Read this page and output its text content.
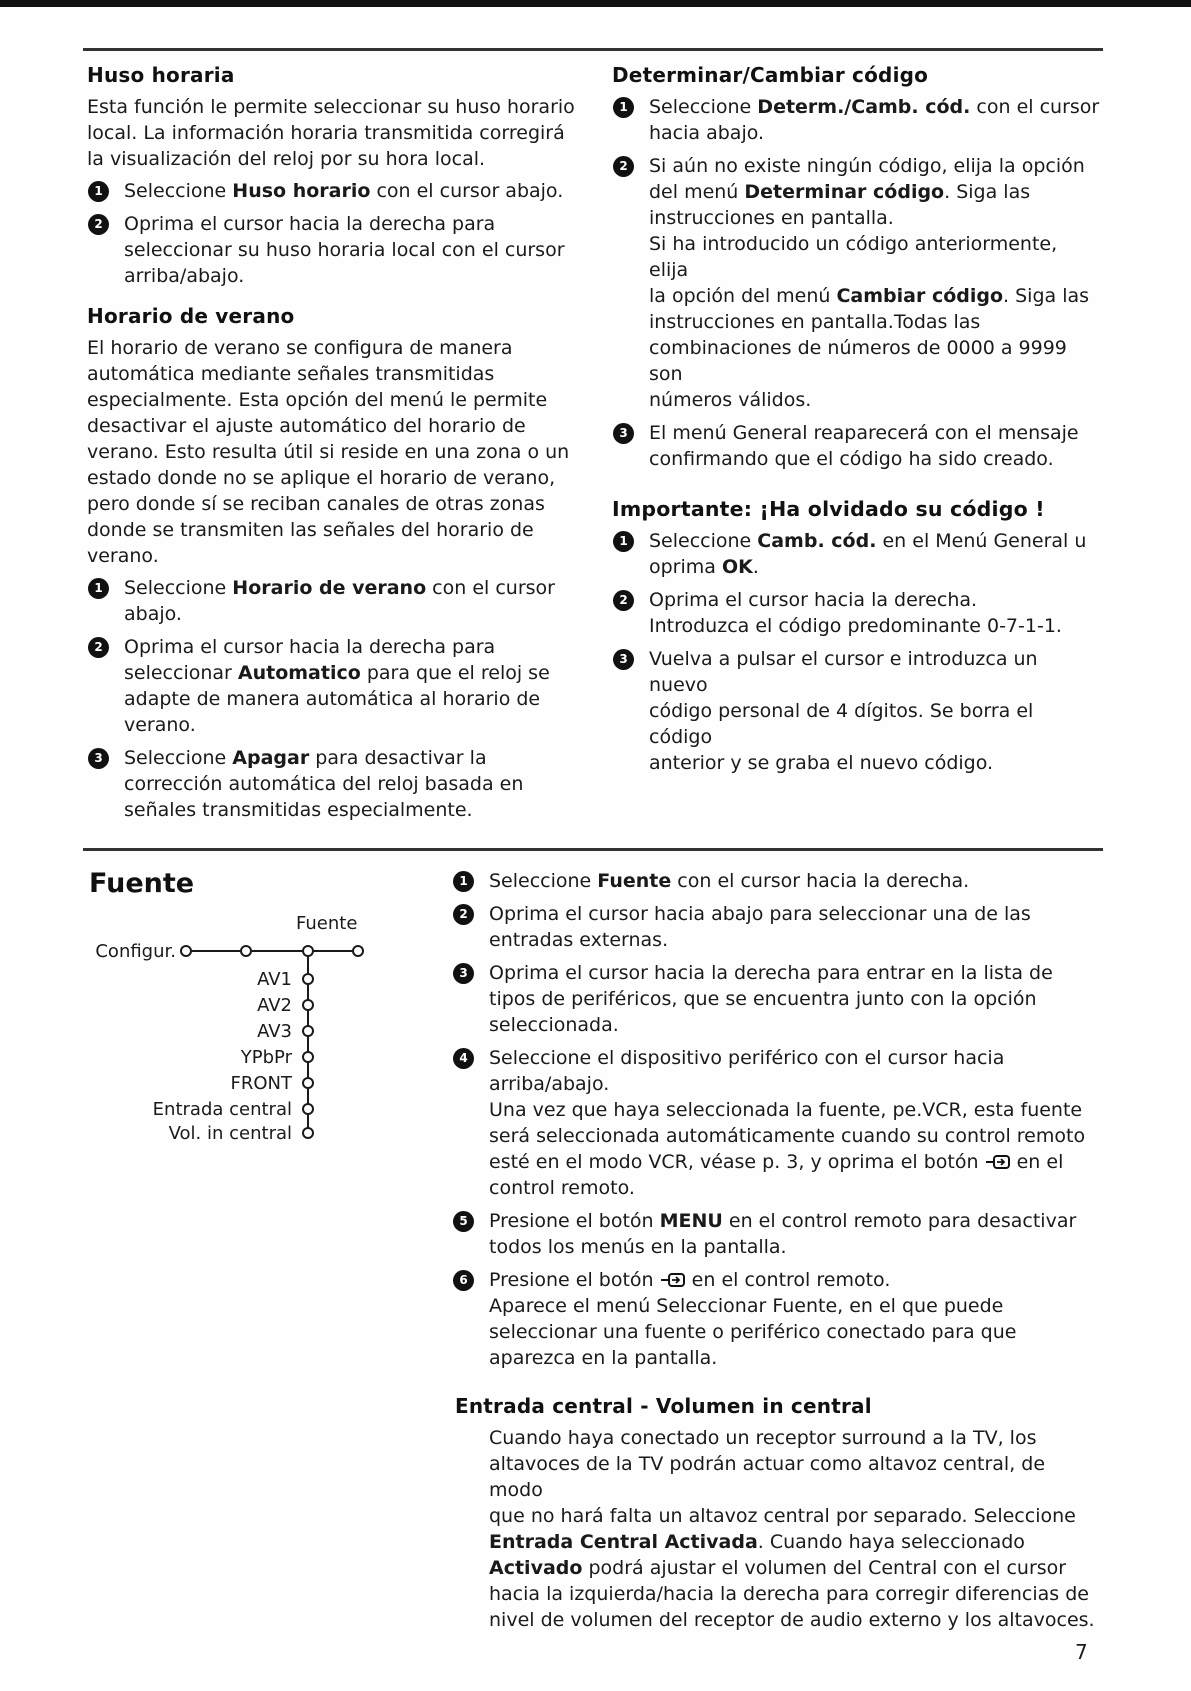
Huso horaria

Esta función le permite seleccionar su huso horario
local. La información horaria transmitida corregirá
la visualización del reloj por su hora local.

1	Seleccione Huso horario con el cursor abajo.
2	Oprima el cursor hacia la derecha para
seleccionar su huso horaria local con el cursor
arriba/abajo.
Horario de verano

El horario de verano se configura de manera
automática mediante señales transmitidas
especialmente. Esta opción del menú le permite
desactivar el ajuste automático del horario de
verano. Esto resulta útil si reside en una zona o un
estado donde no se aplique el horario de verano,
pero donde sí se reciban canales de otras zonas
donde se transmiten las señales del horario de
verano.

1	Seleccione Horario de verano con el cursor
abajo.
2	Oprima el cursor hacia la derecha para
seleccionar Automatico para que el reloj se
adapte de manera automática al horario de
verano.
3	Seleccione Apagar para desactivar la
corrección automática del reloj basada en
señales transmitidas especialmente.
Determinar/Cambiar código
1	Seleccione Determ./Camb. cód. con el cursor
hacia abajo.
2	Si aún no existe ningún código, elija la opción
del menú Determinar código. Siga las
instrucciones en pantalla.
Si ha introducido un código anteriormente, elija
la opción del menú Cambiar código. Siga las
instrucciones en pantalla.Todas las
combinaciones de números de 0000 a 9999 son
números válidos.
3	El menú General reaparecerá con el mensaje
confirmando que el código ha sido creado.
Importante: ¡Ha olvidado su código !
1	Seleccione Camb. cód. en el Menú General u
oprima OK.
2	Oprima el cursor hacia la derecha.
Introduzca el código predominante 0-7-1-1.
3	Vuelva a pulsar el cursor e introduzca un nuevo
código personal de 4 dígitos. Se borra el código
anterior y se graba el nuevo código.
Fuente
Fuente
Configur.
AV1
AV2
AV3
YPbPr
FRONT
Entrada central
Vol. in central
1	Seleccione Fuente con el cursor hacia la derecha.
2	Oprima el cursor hacia abajo para seleccionar una de las
entradas externas.
3	Oprima el cursor hacia la derecha para entrar en la lista de
tipos de periféricos, que se encuentra junto con la opción
seleccionada.
4	Seleccione el dispositivo periférico con el cursor hacia
arriba/abajo.
Una vez que haya seleccionada la fuente, pe.VCR, esta fuente
será seleccionada automáticamente cuando su control remoto
esté en el modo VCR, véase p. 3, y oprima el botón  en el
control remoto.
5	Presione el botón MENU en el control remoto para desactivar
todos los menús en la pantalla.
6	Presione el botón  en el control remoto.
Aparece el menú Seleccionar Fuente, en el que puede
seleccionar una fuente o periférico conectado para que
aparezca en la pantalla.
Entrada central - Volumen in central

Cuando haya conectado un receptor surround a la TV, los
altavoces de la TV podrán actuar como altavoz central, de modo
que no hará falta un altavoz central por separado. Seleccione
Entrada Central Activada. Cuando haya seleccionado
Activado podrá ajustar el volumen del Central con el cursor
hacia la izquierda/hacia la derecha para corregir diferencias de
nivel de volumen del receptor de audio externo y los altavoces.

7
